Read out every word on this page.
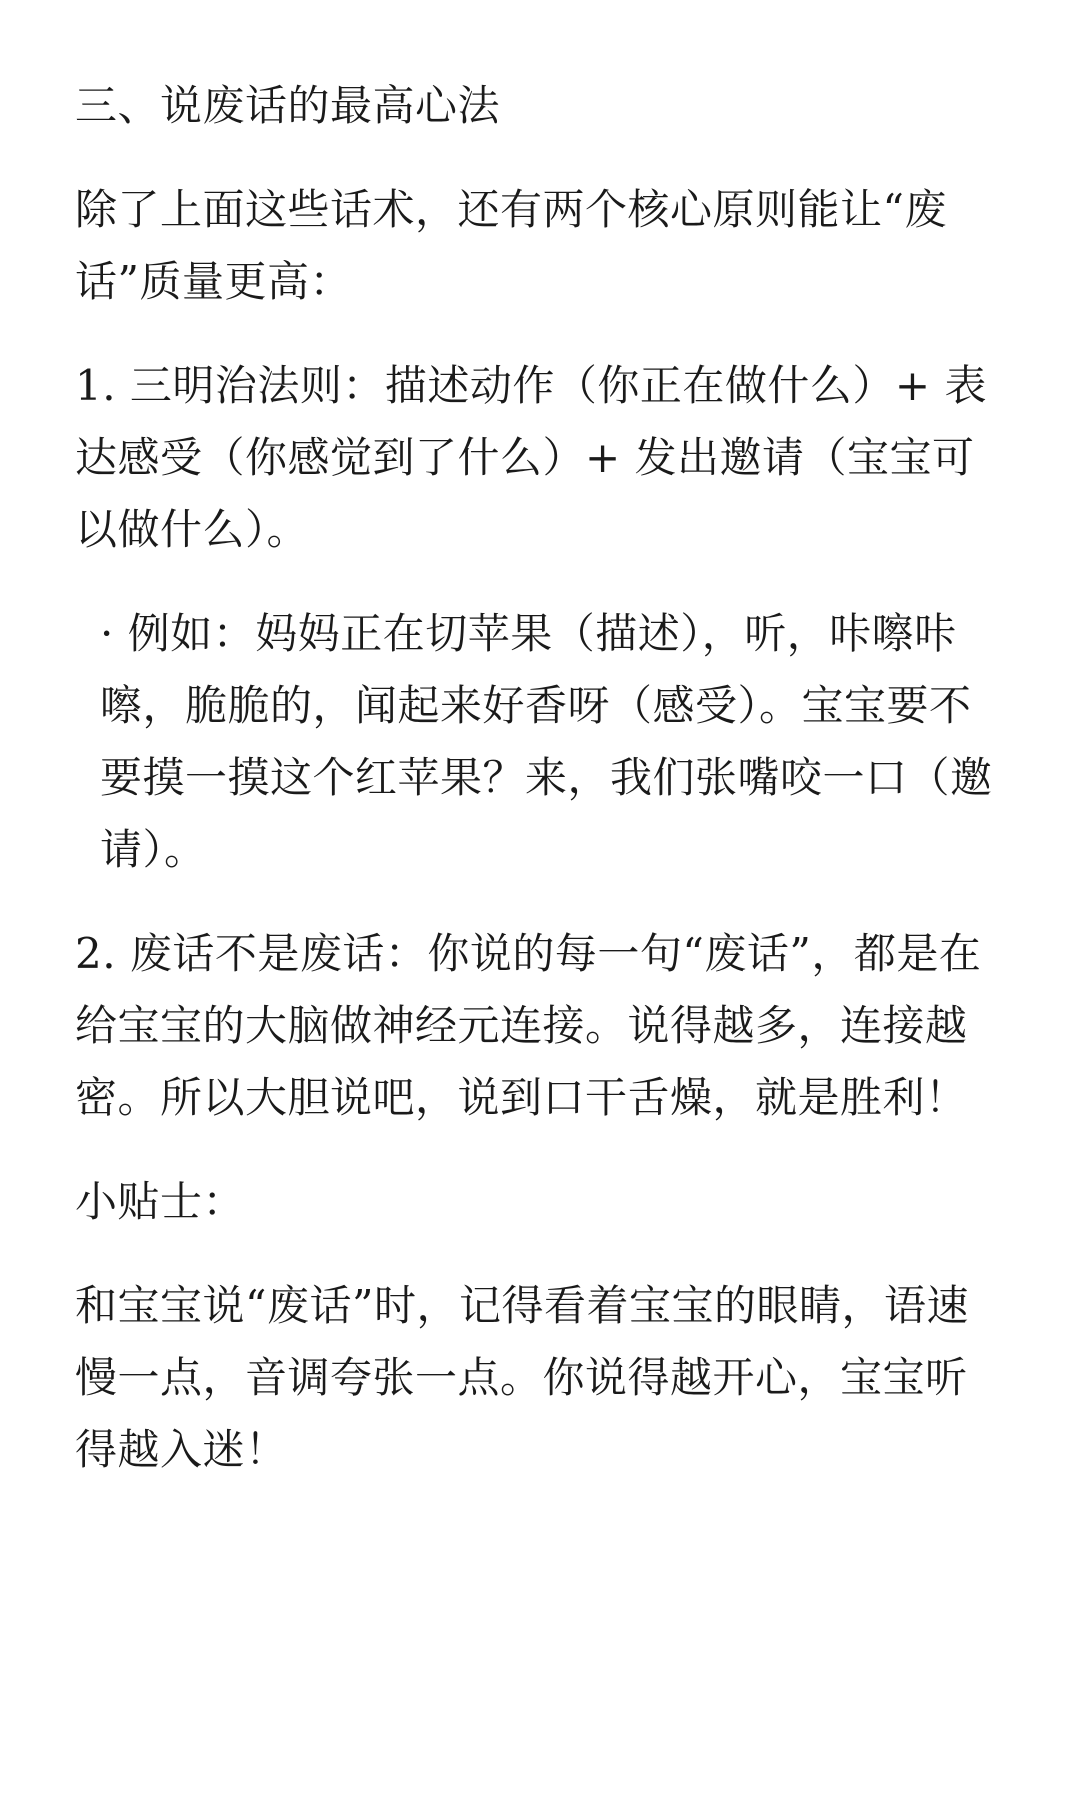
三、说废话的最高心法

除了上面这些话术，还有两个核心原则能让“废话”质量更高：

1. 三明治法则：描述动作（你正在做什么）+ 表达感受（你感觉到了什么）+ 发出邀请（宝宝可以做什么）。

· 例如：妈妈正在切苹果（描述），听，咔嚓咔嚓，脆脆的，闻起来好香呀（感受）。宝宝要不要摸一摸这个红苹果？来，我们张嘴咬一口（邀请）。

2. 废话不是废话：你说的每一句“废话”，都是在给宝宝的大脑做神经元连接。说得越多，连接越密。所以大胆说吧，说到口干舌燥，就是胜利！

小贴士：

和宝宝说“废话”时，记得看着宝宝的眼睛，语速慢一点，音调夸张一点。你说得越开心，宝宝听得越入迷！
